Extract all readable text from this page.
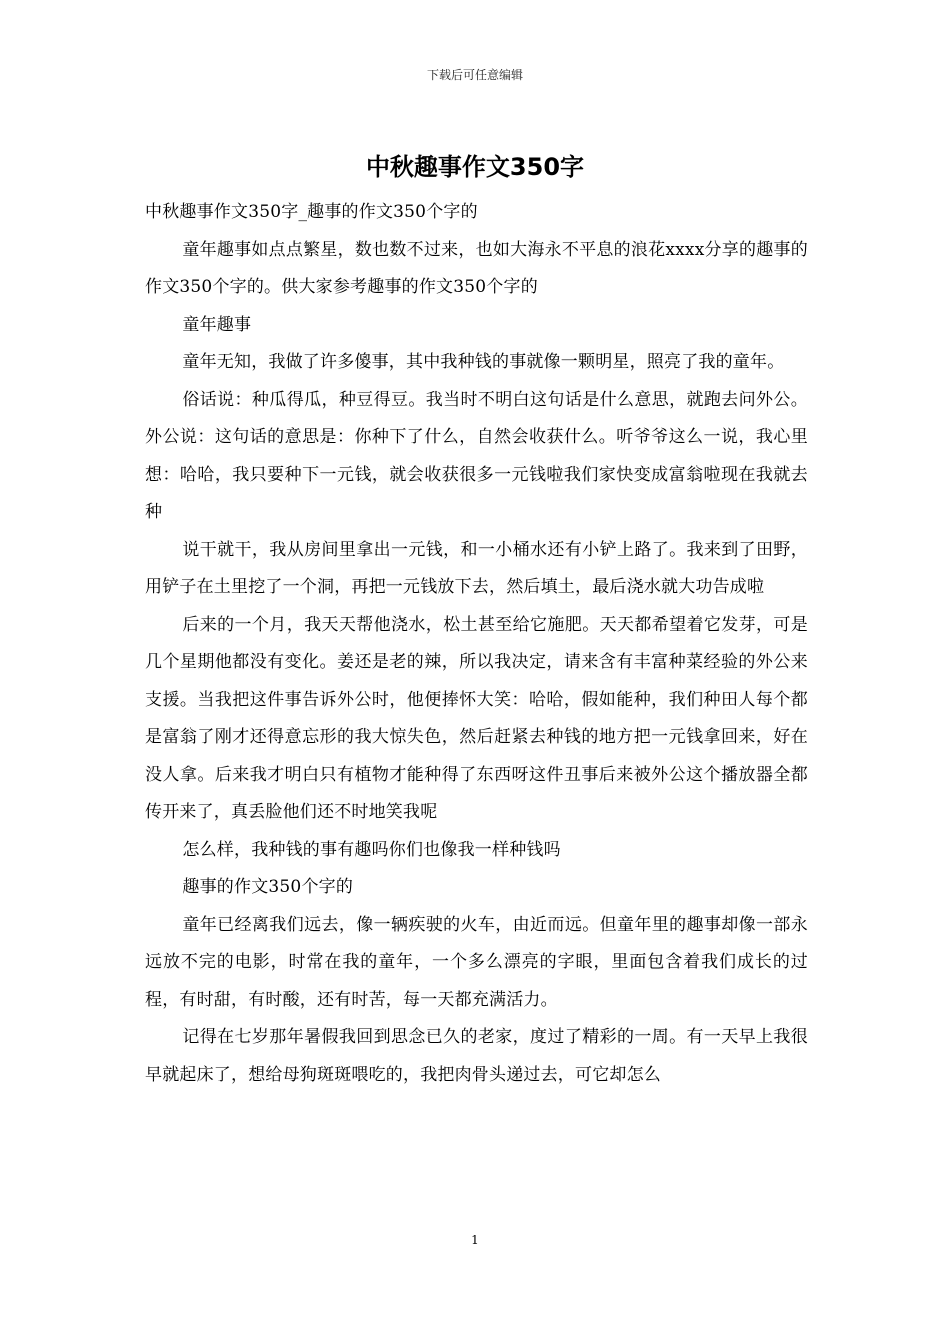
下载后可任意编辑
中秋趣事作文350字

中秋趣事作文350字_趣事的作文350个字的

童年趣事如点点繁星，数也数不过来，也如大海永不平息的浪花xxxx分享的趣事的作文350个字的。供大家参考趣事的作文350个字的

童年趣事

童年无知，我做了许多傻事，其中我种钱的事就像一颗明星，照亮了我的童年。

俗话说：种瓜得瓜，种豆得豆。我当时不明白这句话是什么意思，就跑去问外公。外公说：这句话的意思是：你种下了什么，自然会收获什么。听爷爷这么一说，我心里想：哈哈，我只要种下一元钱，就会收获很多一元钱啦我们家快变成富翁啦现在我就去种

说干就干，我从房间里拿出一元钱，和一小桶水还有小铲上路了。我来到了田野，用铲子在土里挖了一个洞，再把一元钱放下去，然后填土，最后浇水就大功告成啦

后来的一个月，我天天帮他浇水，松土甚至给它施肥。天天都希望着它发芽，可是几个星期他都没有变化。姜还是老的辣，所以我决定，请来含有丰富种菜经验的外公来支援。当我把这件事告诉外公时，他便捧怀大笑：哈哈，假如能种，我们种田人每个都是富翁了刚才还得意忘形的我大惊失色，然后赶紧去种钱的地方把一元钱拿回来，好在没人拿。后来我才明白只有植物才能种得了东西呀这件丑事后来被外公这个播放器全都传开来了，真丢脸他们还不时地笑我呢

怎么样，我种钱的事有趣吗你们也像我一样种钱吗

趣事的作文350个字的

童年已经离我们远去，像一辆疾驶的火车，由近而远。但童年里的趣事却像一部永远放不完的电影，时常在我的童年，一个多么漂亮的字眼，里面包含着我们成长的过程，有时甜，有时酸，还有时苦，每一天都充满活力。

记得在七岁那年暑假我回到思念已久的老家，度过了精彩的一周。有一天早上我很早就起床了，想给母狗斑斑喂吃的，我把肉骨头递过去，可它却怎么

1
